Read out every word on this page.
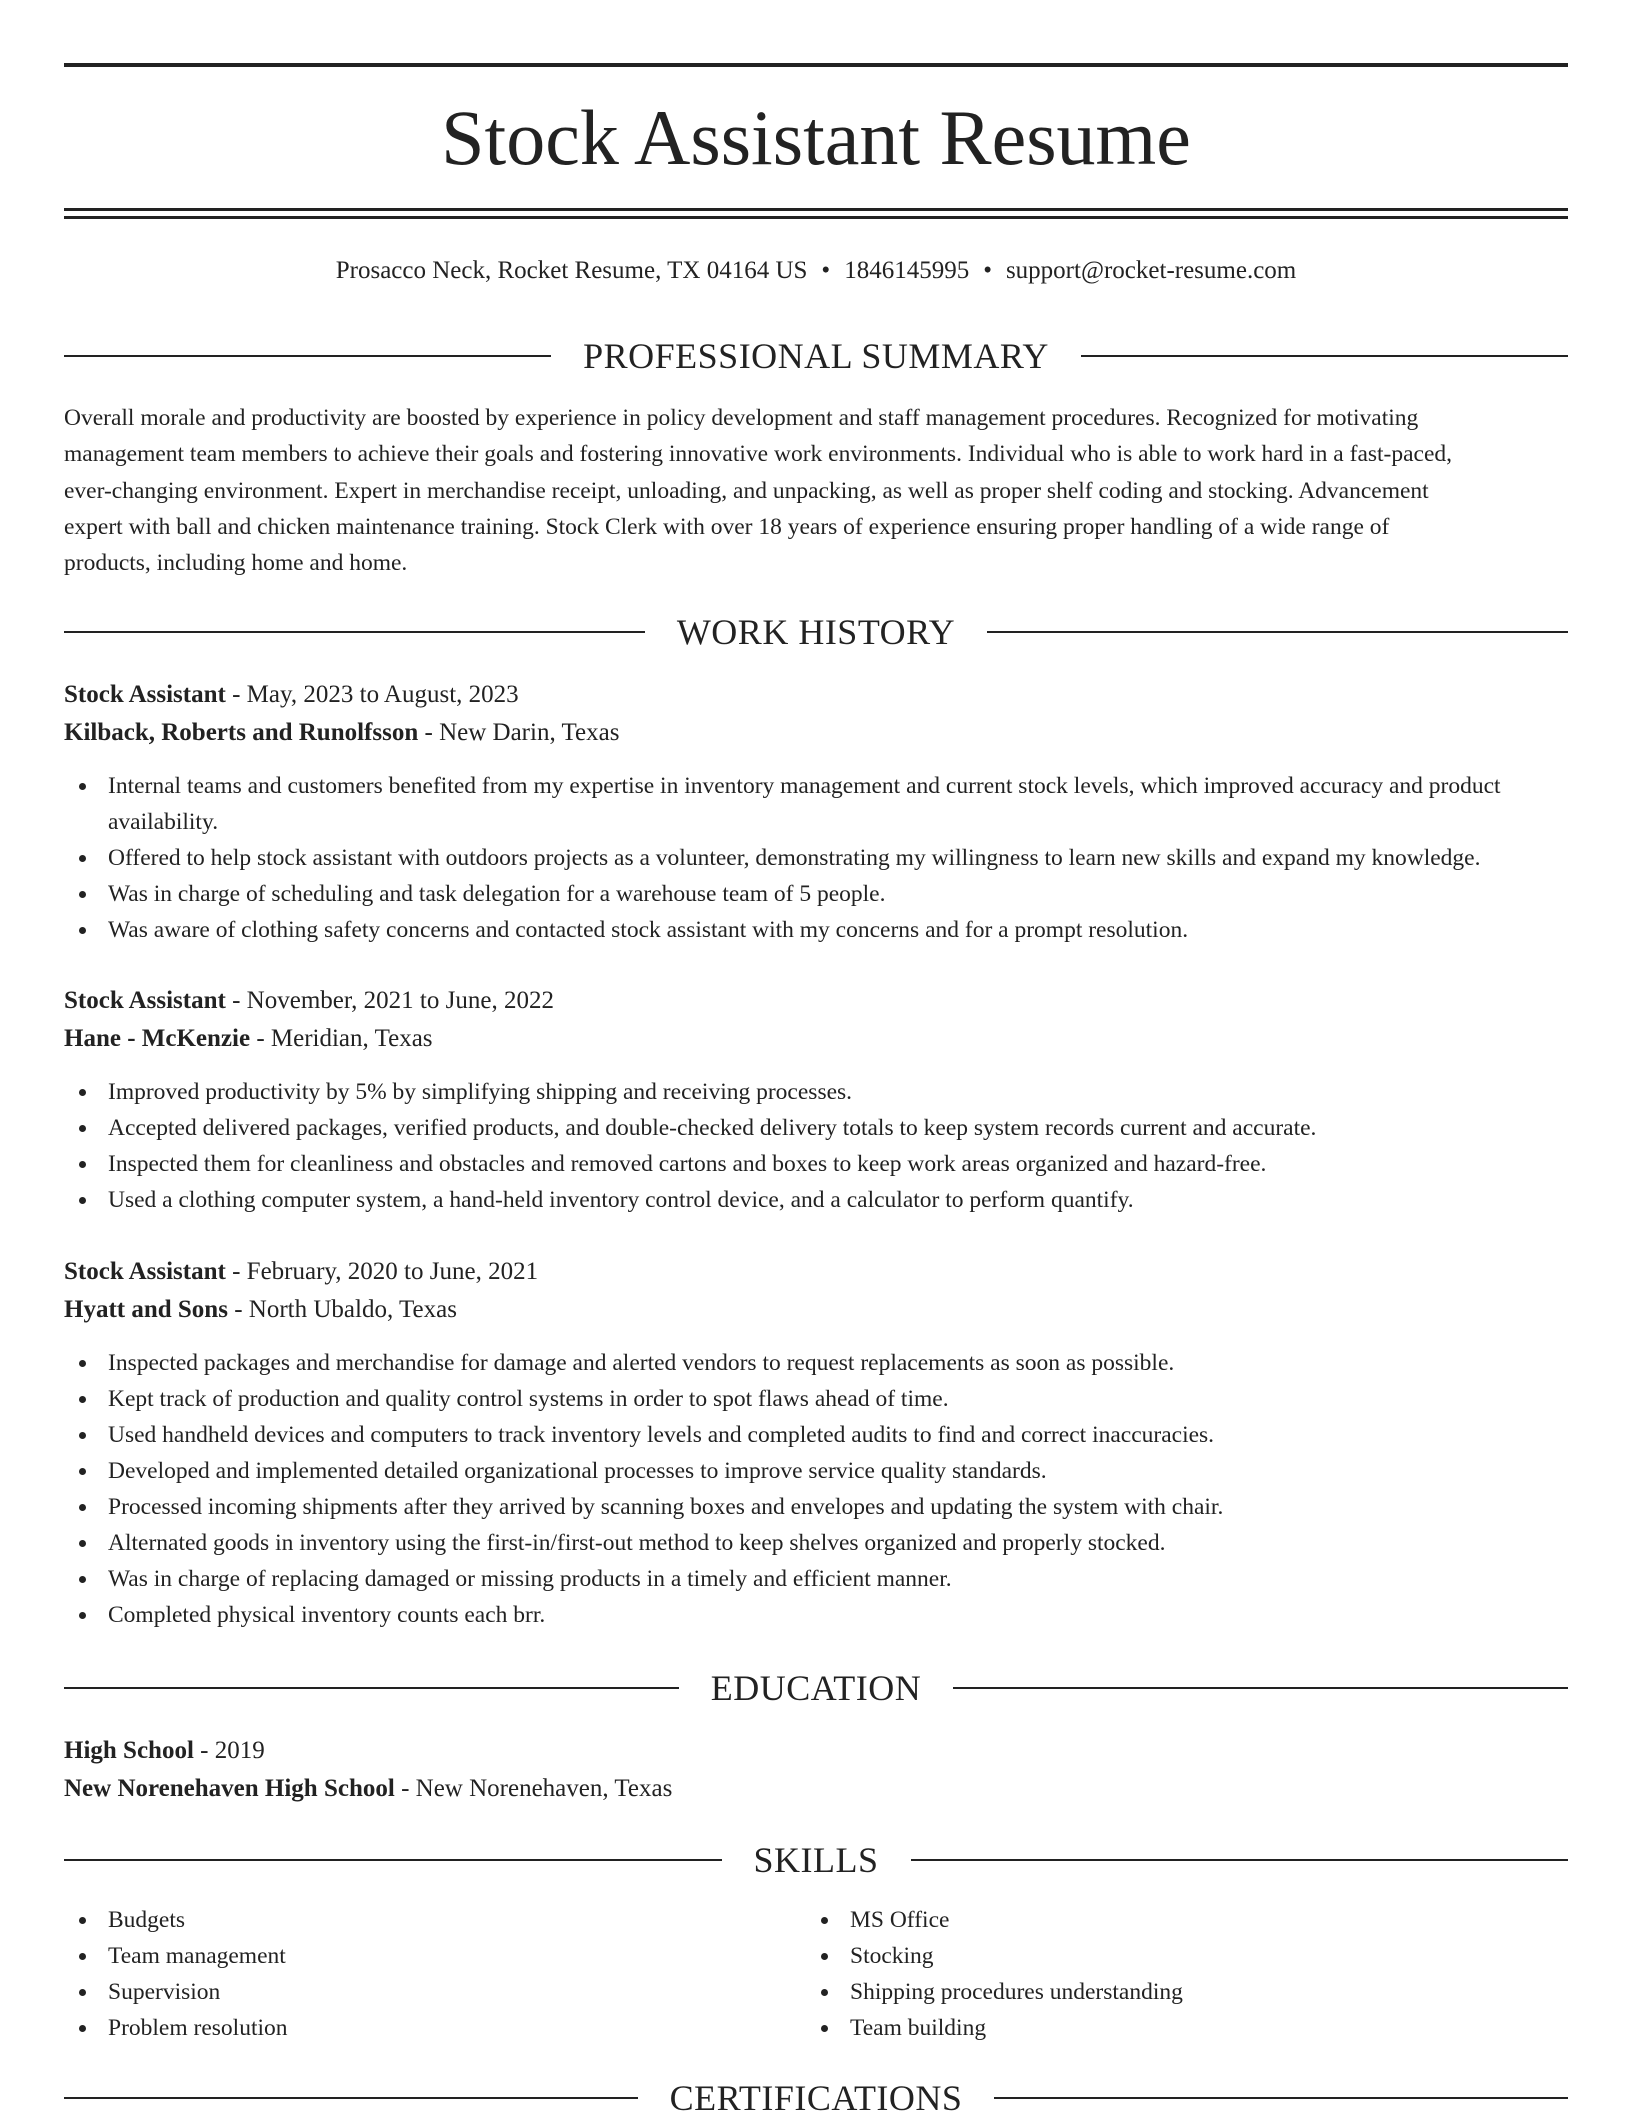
Stock Assistant Resume
Prosacco Neck, Rocket Resume, TX 04164 US • 1846145995 • support@rocket-resume.com
PROFESSIONAL SUMMARY
Overall morale and productivity are boosted by experience in policy development and staff management procedures. Recognized for motivating
management team members to achieve their goals and fostering innovative work environments. Individual who is able to work hard in a fast-paced,
ever-changing environment. Expert in merchandise receipt, unloading, and unpacking, as well as proper shelf coding and stocking. Advancement
expert with ball and chicken maintenance training. Stock Clerk with over 18 years of experience ensuring proper handling of a wide range of
products, including home and home.
WORK HISTORY
Stock Assistant - May, 2023 to August, 2023
Kilback, Roberts and Runolfsson - New Darin, Texas
Internal teams and customers benefited from my expertise in inventory management and current stock levels, which improved accuracy and product availability.
Offered to help stock assistant with outdoors projects as a volunteer, demonstrating my willingness to learn new skills and expand my knowledge.
Was in charge of scheduling and task delegation for a warehouse team of 5 people.
Was aware of clothing safety concerns and contacted stock assistant with my concerns and for a prompt resolution.
Stock Assistant - November, 2021 to June, 2022
Hane - McKenzie - Meridian, Texas
Improved productivity by 5% by simplifying shipping and receiving processes.
Accepted delivered packages, verified products, and double-checked delivery totals to keep system records current and accurate.
Inspected them for cleanliness and obstacles and removed cartons and boxes to keep work areas organized and hazard-free.
Used a clothing computer system, a hand-held inventory control device, and a calculator to perform quantify.
Stock Assistant - February, 2020 to June, 2021
Hyatt and Sons - North Ubaldo, Texas
Inspected packages and merchandise for damage and alerted vendors to request replacements as soon as possible.
Kept track of production and quality control systems in order to spot flaws ahead of time.
Used handheld devices and computers to track inventory levels and completed audits to find and correct inaccuracies.
Developed and implemented detailed organizational processes to improve service quality standards.
Processed incoming shipments after they arrived by scanning boxes and envelopes and updating the system with chair.
Alternated goods in inventory using the first-in/first-out method to keep shelves organized and properly stocked.
Was in charge of replacing damaged or missing products in a timely and efficient manner.
Completed physical inventory counts each brr.
EDUCATION
High School - 2019
New Norenehaven High School - New Norenehaven, Texas
SKILLS
Budgets
Team management
Supervision
Problem resolution
MS Office
Stocking
Shipping procedures understanding
Team building
CERTIFICATIONS
